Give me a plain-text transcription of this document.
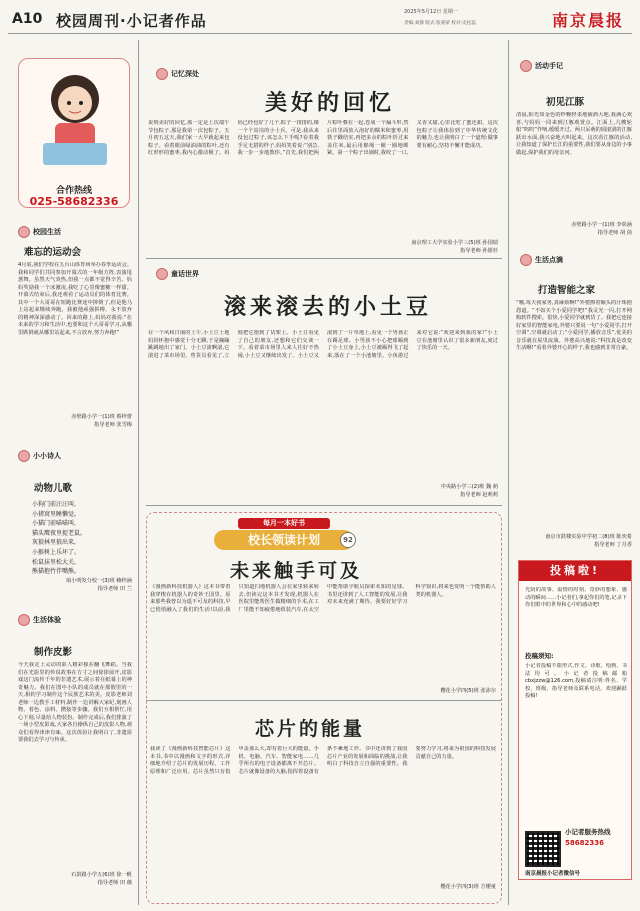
A10 校园周刊·小记者作品	2025年5月12日 星期一
责编:刘静 版式:张蒙蒙 校对:史松蕊	南京晨报
合作热线
025-58682336
校园生活
难忘的运动会
4月底,我们学校在五台山体育场举办春季运动会。我和同学们共同参加开幕式的一年级方阵,表演甩葱舞。虽然天气炎热,但我一点都不觉得辛苦。妈妈奖励我一个冰激凌,我吃了心里像蜜糖一样甜。开幕式结束后,我还观看了运动员们的体育比赛。其中一个大哥哥在短跑比赛途中摔倒了,但是他马上站起来继续奔跑。我被他顽强拼搏、永不放弃的精神深深感动了。回来的路上,妈妈对我说:“在未来的学习和生活中,也要和这个大哥哥学习,从哪里跌倒就从哪里站起来,不言放弃,努力奔跑!”
赤壁路小学一(1)班 蔡梓蕾
指导老师 张雪梅
小小诗人
动物儿歌
小狗门前汪汪叫,
小猪窝里睡懒觉。
小猫门前喵喵叫,
猫头鹰夜里捉老鼠。
灰狼林里狼出来,
小猴树上乐坏了。
松鼠抹里松大关,
熊猫抱竹伴嘴熊。
琅小明发分校一(3)班 赖梓涵
指导老师 田 兰
生活体验
制作皮影
今天我走上灵动的影人精彩独在翻飞舞蹈。当我们在光影里的传说故事在方寸之间徐徐展开,皮影戏这门流传千年的非遗艺术,展示着在纸幕上的神奇魅力。我们在图中小队的成员就在那假里的一天,相约学习制作这个民族艺术的美。皮影老师刘老师一边教手工材料,制作一边讲解大家纪,刻画人物、着色、涂料、攒接等步骤。我们互相帮忙,用心下刻,尽量给人物装扮。制作完成后,我们排演了一场小型皮影戏,大家各自操纵自己的皮影人物,观众们看得津津有味。这次体验让我明白了,非遗需要我们去学习与传承。
石鼓路小学五(6)班 徐一帆
指导老师 田 薇
记忆深处
美好的回忆
说到美好的回忆,那一定是上次端午节包粽子,那是我第一次包粽子。五月初五这天,我们家一大早就起来包粽子。看着眼前绿油油的粽叶,还有红形形的蜜枣,我内心激动极了。妈妈已经包好了几个,粽子一排排的,像一个个站岗的小士兵。可是,我从来没包过粽子,该怎么下手呢?看着我手足无措的样子,妈妈笑着说:“别急,我一步一步地教你。”首先,我们把两片粽叶叠在一起,卷成一个漏斗形,然后往里面放入泡好的糯米和蜜枣,用筷子戳结实,再把多余的粽叶折过来盖住米,最后用棉绳一圈一圈地绑紧。第一个粽子出锅时,我咬了一口,又香又甜,心里比吃了蜜还甜。这次包粽子让我体验到了中华传统文化的魅力,也让我明白了一个道理:做事要有耐心,坚持不懈才能成功。
南京理工大学实验小学三(5)班 孙国瑞
指导老师 孙银杉
童话世界
滚来滚去的小土豆
在一个风和日丽的上午,小土豆土地妈妈怀抱中感觉十分无聊,于是蹦蹦跳跳地出了家门。小土豆滚啊滚,它滚进了菜市场里。售货员看见了,立刻把它抱到了货架上。小土豆看见了自己的朋友,还想和它们交谈一下。看着菜市场里人来人往好不热闹,小土豆又继续出发了。小土豆又滚到了一片草地上,看见一个男孩正在踢足球。小男孩不小心把球踢到了小土豆身上,小土豆被踢得飞了起来,落在了一个小池塘里。小鱼游过来对它说:“欢迎来到我的家!”小土豆在池塘里认识了很多新朋友,度过了快乐的一天。
中央路小学三(2)班 魏 萌
指导老师 赵莉莉
每月一本好书
校长领读计划	92
未来触手可及
《漫画新科技机器人》这本书带着我穿梭在机器人的奇妙王国里。原来那些我曾以为遥不可及的科技,早已悄悄融入了我们的生活!以前,我只知道扫地机器人会在家里转来转去,但读完这本书才发现,机器人在医院里能帮医生做精细的手术,在工厂里能不知疲倦地组装汽车,在太空中能帮助宇航员探索未知的星球。书里还讲到了人工智能的发展,让我对未来充满了期待。我要好好学习科学知识,将来也发明一个能帮助人类的机器人。
樱花小学四(5)班 张沛尔
芯片的能量
我读了《漫画新科技智能芯片》这本书,书中以漫画和文字的形式,详细地介绍了芯片的发展历程、工作原理和广泛应用。芯片虽然只有指甲盖那么大,却有着巨大的能量。手机、电脑、汽车、智能家电……几乎所有的电子设备都离不开芯片。芯片就像设备的大脑,指挥着设备有条不紊地工作。书中还讲到了我国芯片产业的发展和面临的挑战,让我明白了科技自立自强的重要性。我要努力学习,将来为祖国的科技发展贡献自己的力量。
樱花小学四(3)班 方懂童
活动手记
初见江豚
清晨,阳光如金色的纱幔轻柔地铺洒大地,我满心欢喜,与妈妈一同来到江豚观赏点。江面上,几艘轮船“呜呜”作响,缓缓开过。两只呆萌的圆滚滚的江豚跃出水面,我兴奋地大叫起来。这次看江豚的活动,让我知道了保护长江的重要性,我们要从身边的小事做起,保护我们的母亲河。
赤壁路小学一(1)班 李彰涵
指导老师 胡 茵
生活点滴
打造智能之家
“哦,每天我家务,真麻烦啊!”外婆擦着额头的汗珠抱怨道。“不如买个小爱同学吧!”我灵光一闪,打开网购软件搜索。很快,小爱同学就到货了。我把它连接好家里的智能家电,外婆只要说一句“小爱同学,打开空调”,空调就启动了;“小爱同学,播放音乐”,优美的音乐就在屋里流淌。外婆高兴地说:“科技真是改变生活啊!”看着外婆开心的样子,我也感到非常自豪。
南京市鼓楼实验中学初二(8)班 陈奕希
指导老师 丁月香
投稿啦!
光阴的故事、温情的时刻、奇妙的想象、感动的瞬间……小记者们,拿起你们的笔,记录下你们眼中的世界和心中的感动吧!
投稿须知:
小记者投稿不限形式,作文、诗歌、绘画、书法均可。小记者投稿邮箱 cbxjzzw@126.com,投稿请注明:姓名、学校、班级、指导老师及联系电话。欢迎踊跃投稿!
小记者服务热线
58682336
南京晨报小记者微信号
